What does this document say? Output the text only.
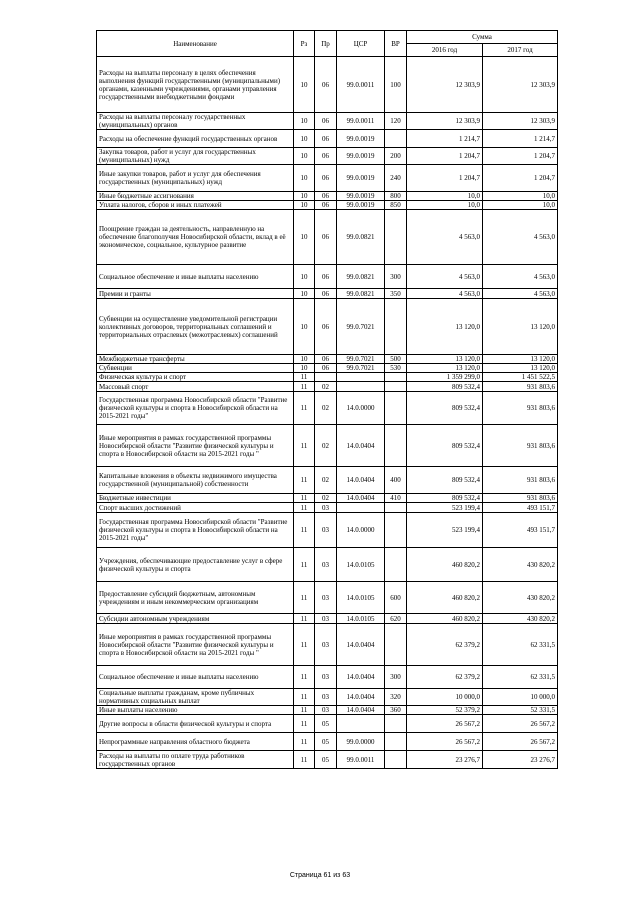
Наименование	Рз	Пр	ЦСР	ВР	Сумма	
					2016 год	2017 год
Расходы на выплаты персоналу в целях обеспечения выполнения функций государственными (муниципальными) органами, казенными учреждениями, органами управления государственными внебюджетными фондами	10	06	99.0.0011	100	12 303,9	12 303,9
Расходы на выплаты персоналу государственных (муниципальных) органов	10	06	99.0.0011	120	12 303,9	12 303,9
Расходы на обеспечение функций государственных органов	10	06	99.0.0019		1 214,7	1 214,7
Закупка товаров, работ и услуг для государственных (муниципальных) нужд	10	06	99.0.0019	200	1 204,7	1 204,7
Иные закупки товаров, работ и услуг для обеспечения государственных (муниципальных) нужд	10	06	99.0.0019	240	1 204,7	1 204,7
Иные бюджетные ассигнования	10	06	99.0.0019	800	10,0	10,0
Уплата налогов, сборов и иных платежей	10	06	99.0.0019	850	10,0	10,0
Поощрение граждан за деятельность, направленную на обеспечение благополучия Новосибирской области, вклад в её экономическое, социальное, культурное развитие	10	06	99.0.0821		4 563,0	4 563,0
Социальное обеспечение и иные выплаты населению	10	06	99.0.0821	300	4 563,0	4 563,0
Премии и гранты	10	06	99.0.0821	350	4 563,0	4 563,0
Субвенции на осуществление уведомительной регистрации коллективных договоров, территориальных соглашений и территориальных отраслевых (межотраслевых) соглашений	10	06	99.0.7021		13 120,0	13 120,0
Межбюджетные трансферты	10	06	99.0.7021	500	13 120,0	13 120,0
Субвенции	10	06	99.0.7021	530	13 120,0	13 120,0
Физическая культура и спорт	11				1 359 299,0	1 451 522,5
Массовый спорт	11	02			809 532,4	931 803,6
Государственная программа Новосибирской области "Развитие физической культуры и спорта в Новосибирской области на 2015-2021 годы"	11	02	14.0.0000		809 532,4	931 803,6
Иные мероприятия в рамках государственной программы Новосибирской области "Развитие физической культуры и спорта в Новосибирской области на 2015-2021 годы "	11	02	14.0.0404		809 532,4	931 803,6
Капитальные вложения в объекты недвижимого имущества государственной (муниципальной) собственности	11	02	14.0.0404	400	809 532,4	931 803,6
Бюджетные инвестиции	11	02	14.0.0404	410	809 532,4	931 803,6
Спорт высших достижений	11	03			523 199,4	493 151,7
Государственная программа Новосибирской области "Развитие физической культуры и спорта в Новосибирской области на 2015-2021 годы"	11	03	14.0.0000		523 199,4	493 151,7
Учреждения, обеспечивающие предоставление услуг в сфере физической культуры и спорта	11	03	14.0.0105		460 820,2	430 820,2
Предоставление субсидий бюджетным, автономным учреждениям и иным некоммерческим организациям	11	03	14.0.0105	600	460 820,2	430 820,2
Субсидии автономным учреждениям	11	03	14.0.0105	620	460 820,2	430 820,2
Иные мероприятия в рамках государственной программы Новосибирской области "Развитие физической культуры и спорта в Новосибирской области на 2015-2021 годы "	11	03	14.0.0404		62 379,2	62 331,5
Социальное обеспечение и иные выплаты населению	11	03	14.0.0404	300	62 379,2	62 331,5
Социальные выплаты гражданам, кроме публичных нормативных социальных выплат	11	03	14.0.0404	320	10 000,0	10 000,0
Иные выплаты населению	11	03	14.0.0404	360	52 379,2	52 331,5
Другие вопросы в области физической культуры и спорта	11	05			26 567,2	26 567,2
Непрограммные направления областного бюджета	11	05	99.0.0000		26 567,2	26 567,2
Расходы на выплаты по оплате труда работников государственных органов	11	05	99.0.0011		23 276,7	23 276,7
Страница 61 из 63
